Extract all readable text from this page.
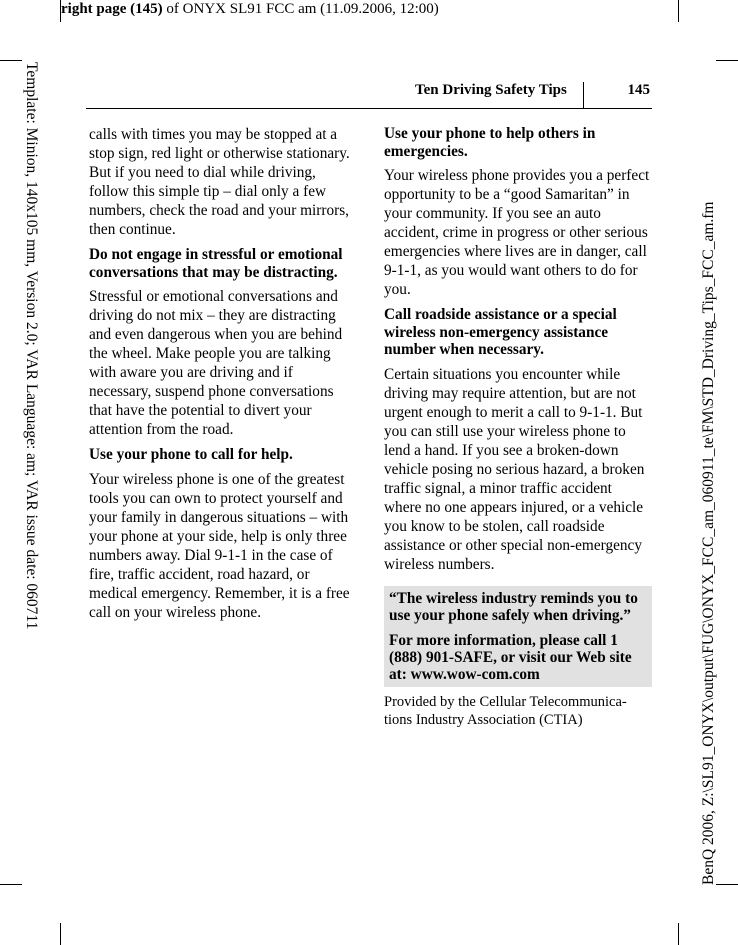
right page (145) of ONYX SL91 FCC am (11.09.2006, 12:00)
Template: Minion, 140x105 mm, Version 2.0; VAR Language: am; VAR issue date: 060711	BenQ 2006, Z:\SL91_ONYX\output\FUG\ONYX_FCC_am_060911_te\FM\STD_Driving_Tips_FCC_am.fm
Ten Driving Safety Tips	145

calls with times you may be stopped at a stop sign, red light or otherwise stationary. But if you need to dial while driving, follow this simple tip – dial only a few numbers, check the road and your mirrors, then continue.

Do not engage in stressful or emotional conversations that may be distracting.

Stressful or emotional conversations and driving do not mix – they are distracting and even dangerous when you are behind the wheel. Make people you are talking with aware you are driving and if necessary, suspend phone conversations that have the potential to divert your attention from the road.

Use your phone to call for help.

Your wireless phone is one of the greatest tools you can own to protect yourself and your family in dangerous situations – with your phone at your side, help is only three numbers away. Dial 9-1-1 in the case of fire, traffic accident, road hazard, or medical emergency. Remember, it is a free call on your wireless phone.

Use your phone to help others in emergencies.

Your wireless phone provides you a perfect opportunity to be a “good Samaritan” in your community. If you see an auto accident, crime in progress or other serious emergencies where lives are in danger, call 9-1-1, as you would want others to do for you.

Call roadside assistance or a special wireless non-emergency assistance number when necessary.

Certain situations you encounter while driving may require attention, but are not urgent enough to merit a call to 9-1-1. But you can still use your wireless phone to lend a hand. If you see a broken-down vehicle posing no serious hazard, a broken traffic signal, a minor traffic accident where no one appears injured, or a vehicle you know to be stolen, call roadside assistance or other special non-emergency wireless numbers.

“The wireless industry reminds you to use your phone safely when driving.”

For more information, please call 1 (888) 901-SAFE, or visit our Web site at: www.wow-com.com

Provided by the Cellular Telecommunica-tions Industry Association (CTIA)
